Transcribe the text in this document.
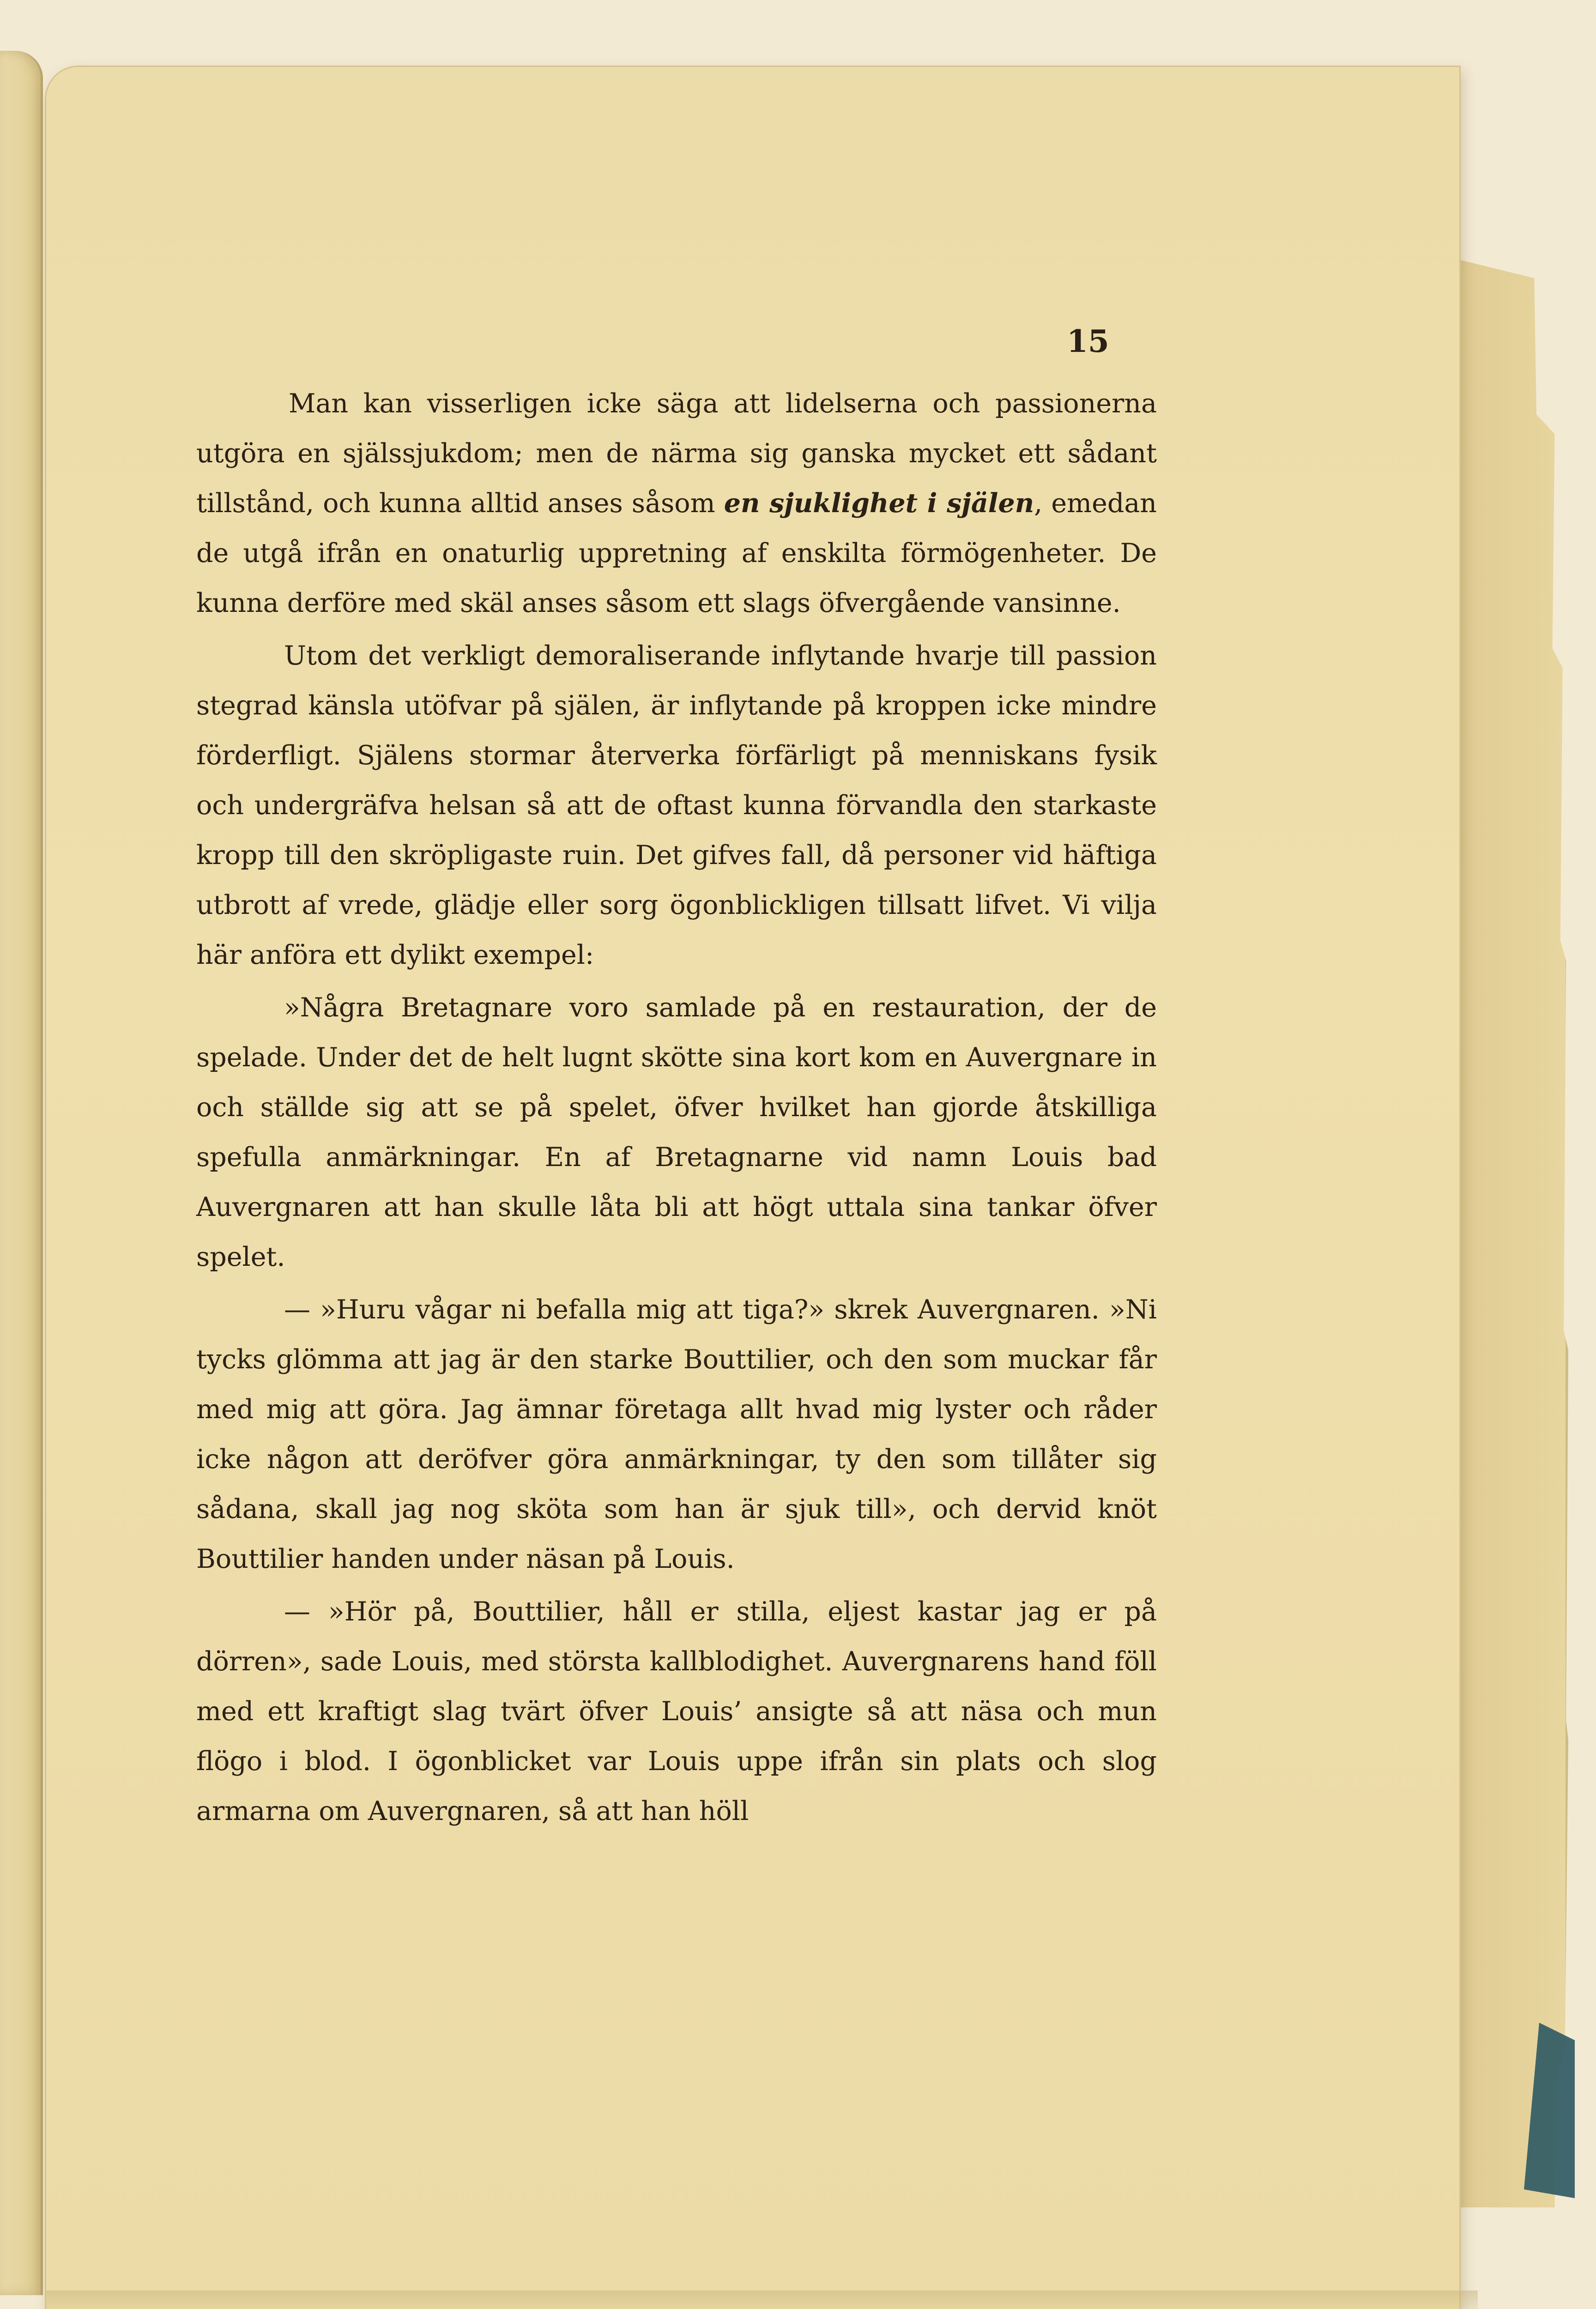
15

Man kan visserligen icke säga att lidelserna och passionerna utgöra en själssjukdom; men de närma sig ganska mycket ett sådant tillstånd, och kunna alltid anses såsom en sjuklighet i själen, emedan de utgå ifrån en onaturlig uppretning af enskilta förmögenheter. De kunna derföre med skäl anses såsom ett slags öfvergående vansinne.

Utom det verkligt demoraliserande inflytande hvarje till passion stegrad känsla utöfvar på själen, är inflytande på kroppen icke mindre förderfligt. Själens stormar återverka förfärligt på menniskans fysik och undergräfva helsan så att de oftast kunna förvandla den starkaste kropp till den skröpligaste ruin. Det gifves fall, då personer vid häftiga utbrott af vrede, glädje eller sorg ögonblickligen tillsatt lifvet. Vi vilja här anföra ett dylikt exempel:

»Några Bretagnare voro samlade på en restauration, der de spelade. Under det de helt lugnt skötte sina kort kom en Auvergnare in och ställde sig att se på spelet, öfver hvilket han gjorde åtskilliga spefulla anmärkningar. En af Bretagnarne vid namn Louis bad Auvergnaren att han skulle låta bli att högt uttala sina tankar öfver spelet.

— »Huru vågar ni befalla mig att tiga?» skrek Auvergnaren. »Ni tycks glömma att jag är den starke Bouttilier, och den som muckar får med mig att göra. Jag ämnar företaga allt hvad mig lyster och råder icke någon att deröfver göra anmärkningar, ty den som tillåter sig sådana, skall jag nog sköta som han är sjuk till», och dervid knöt Bouttilier handen under näsan på Louis.

— »Hör på, Bouttilier, håll er stilla, eljest kastar jag er på dörren», sade Louis, med största kallblodighet. Auvergnarens hand föll med ett kraftigt slag tvärt öfver Louis’ ansigte så att näsa och mun flögo i blod. I ögonblicket var Louis uppe ifrån sin plats och slog armarna om Auvergnaren, så att han höll
